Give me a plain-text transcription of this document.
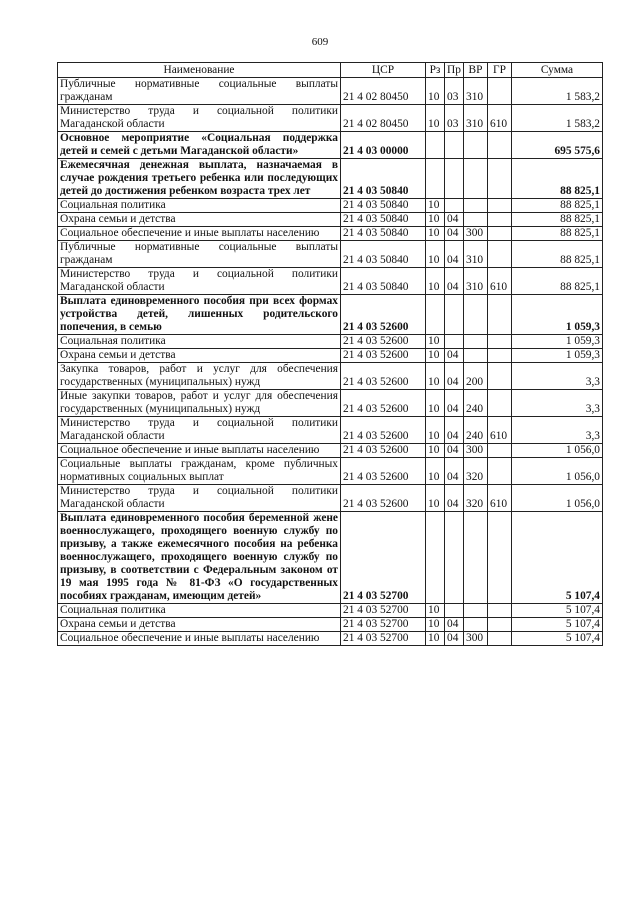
609
Наименование	ЦСР	Рз	Пр	ВР	ГР	Сумма
Публичные нормативные социальные выплаты гражданам	21 4 02 80450	10	03	310		1 583,2
Министерство труда и социальной политики Магаданской области	21 4 02 80450	10	03	310	610	1 583,2
Основное мероприятие «Социальная поддержка детей и семей с детьми Магаданской области»	21 4 03 00000					695 575,6
Ежемесячная денежная выплата, назначаемая в случае рождения третьего ребенка или последующих детей до достижения ребенком возраста трех лет	21 4 03 50840					88 825,1
Социальная политика	21 4 03 50840	10				88 825,1
Охрана семьи и детства	21 4 03 50840	10	04			88 825,1
Социальное обеспечение и иные выплаты населению	21 4 03 50840	10	04	300		88 825,1
Публичные нормативные социальные выплаты гражданам	21 4 03 50840	10	04	310		88 825,1
Министерство труда и социальной политики Магаданской области	21 4 03 50840	10	04	310	610	88 825,1
Выплата единовременного пособия при всех формах устройства детей, лишенных родительского попечения, в семью	21 4 03 52600					1 059,3
Социальная политика	21 4 03 52600	10				1 059,3
Охрана семьи и детства	21 4 03 52600	10	04			1 059,3
Закупка товаров, работ и услуг для обеспечения государственных (муниципальных) нужд	21 4 03 52600	10	04	200		3,3
Иные закупки товаров, работ и услуг для обеспечения государственных (муниципальных) нужд	21 4 03 52600	10	04	240		3,3
Министерство труда и социальной политики Магаданской области	21 4 03 52600	10	04	240	610	3,3
Социальное обеспечение и иные выплаты населению	21 4 03 52600	10	04	300		1 056,0
Социальные выплаты гражданам, кроме публичных нормативных социальных выплат	21 4 03 52600	10	04	320		1 056,0
Министерство труда и социальной политики Магаданской области	21 4 03 52600	10	04	320	610	1 056,0
Выплата единовременного пособия беременной жене военнослужащего, проходящего военную службу по призыву, а также ежемесячного пособия на ребенка военнослужащего, проходящего военную службу по призыву, в соответствии с Федеральным законом от 19 мая 1995 года № 81-ФЗ «О государственных пособиях гражданам, имеющим детей»	21 4 03 52700					5 107,4
Социальная политика	21 4 03 52700	10				5 107,4
Охрана семьи и детства	21 4 03 52700	10	04			5 107,4
Социальное обеспечение и иные выплаты населению	21 4 03 52700	10	04	300		5 107,4
